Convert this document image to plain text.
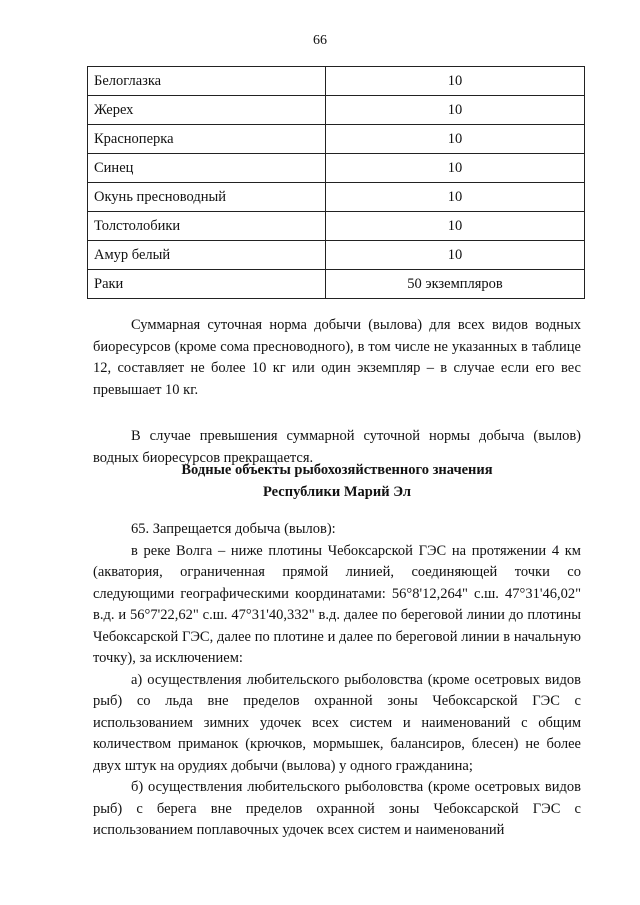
66
Белоглазка	10
Жерех	10
Красноперка	10
Синец	10
Окунь пресноводный	10
Толстолобики	10
Амур белый	10
Раки	50 экземпляров

Суммарная суточная норма добычи (вылова) для всех видов водных биоресурсов (кроме сома пресноводного), в том числе не указанных в таблице 12, составляет не более 10 кг или один экземпляр – в случае если его вес превышает 10 кг.

В случае превышения суммарной суточной нормы добыча (вылов) водных биоресурсов прекращается.

Водные объекты рыбохозяйственного значения
Республики Марий Эл

65. Запрещается добыча (вылов):

в реке Волга – ниже плотины Чебоксарской ГЭС на протяжении 4 км (акватория, ограниченная прямой линией, соединяющей точки со следующими географическими координатами: 56°8'12,264" с.ш. 47°31'46,02" в.д. и 56°7'22,62" с.ш. 47°31'40,332" в.д. далее по береговой линии до плотины Чебоксарской ГЭС, далее по плотине и далее по береговой линии в начальную точку), за исключением:

а) осуществления любительского рыболовства (кроме осетровых видов рыб) со льда вне пределов охранной зоны Чебоксарской ГЭС с использованием зимних удочек всех систем и наименований с общим количеством приманок (крючков, мормышек, балансиров, блесен) не более двух штук на орудиях добычи (вылова) у одного гражданина;

б) осуществления любительского рыболовства (кроме осетровых видов рыб) с берега вне пределов охранной зоны Чебоксарской ГЭС с использованием поплавочных удочек всех систем и наименований
